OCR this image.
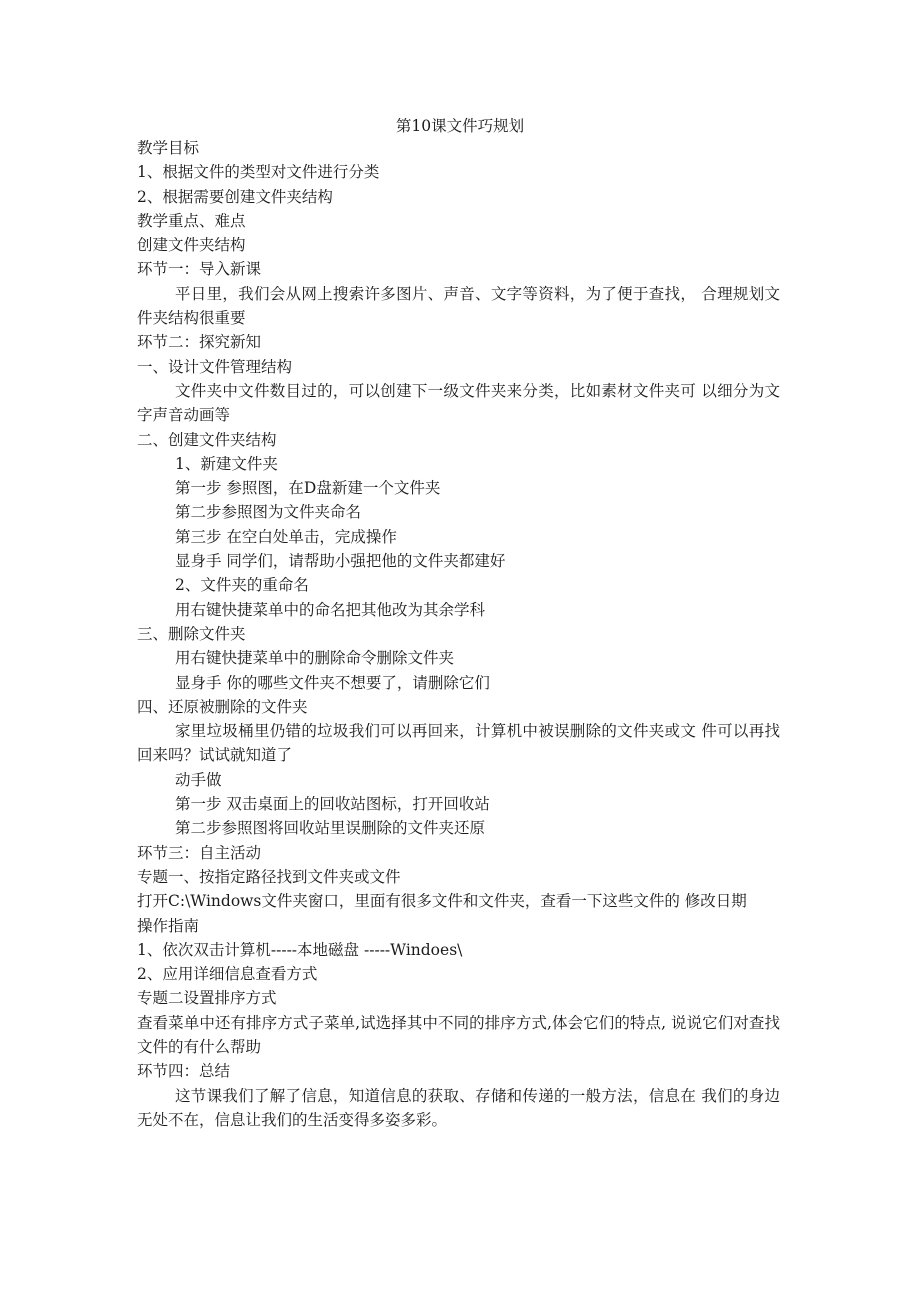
第10课文件巧规划
教学目标
1、根据文件的类型对文件进行分类
2、根据需要创建文件夹结构
教学重点、难点
创建文件夹结构
环节一：导入新课
平日里，我们会从网上搜索许多图片、声音、文字等资料，为了便于查找， 合理规划文件夹结构很重要
环节二：探究新知
一、设计文件管理结构
文件夹中文件数目过的，可以创建下一级文件夹来分类，比如素材文件夹可 以细分为文字声音动画等
二、创建文件夹结构
1、新建文件夹
第一步 参照图，在D盘新建一个文件夹
第二步参照图为文件夹命名
第三步 在空白处单击，完成操作
显身手 同学们，请帮助小强把他的文件夹都建好
2、文件夹的重命名
用右键快捷菜单中的命名把其他改为其余学科
三、删除文件夹
用右键快捷菜单中的删除命令删除文件夹
显身手 你的哪些文件夹不想要了，请删除它们
四、还原被删除的文件夹
家里垃圾桶里仍错的垃圾我们可以再回来，计算机中被误删除的文件夹或文 件可以再找回来吗？试试就知道了
动手做
第一步 双击桌面上的回收站图标，打开回收站
第二步参照图将回收站里误删除的文件夹还原
环节三：自主活动
专题一、按指定路径找到文件夹或文件
打开C:\Windows文件夹窗口，里面有很多文件和文件夹，查看一下这些文件的 修改日期
操作指南
1、依次双击计算机-----本地磁盘 -----Windoes\
2、应用详细信息查看方式
专题二设置排序方式
查看菜单中还有排序方式子菜单,试选择其中不同的排序方式,体会它们的特点, 说说它们对查找文件的有什么帮助
环节四：总结
这节课我们了解了信息，知道信息的获取、存储和传递的一般方法，信息在 我们的身边无处不在，信息让我们的生活变得多姿多彩。
